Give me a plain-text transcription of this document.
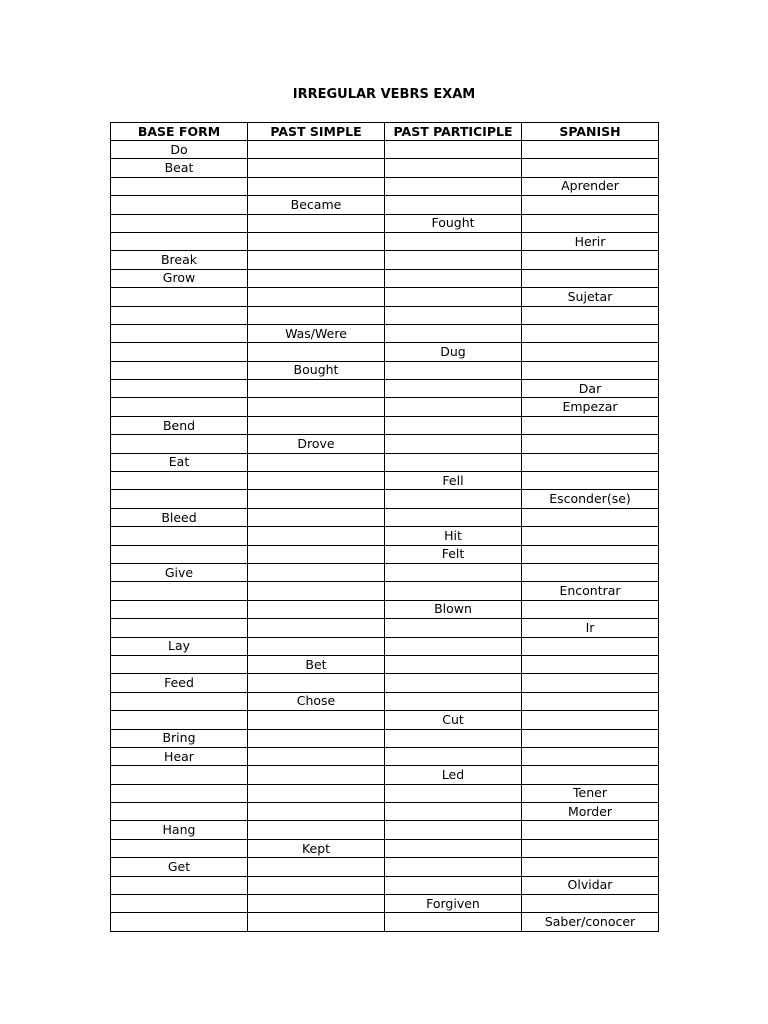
IRREGULAR VEBRS EXAM
BASE FORM	PAST SIMPLE	PAST PARTICIPLE	SPANISH
Do			
Beat			
			Aprender
	Became		
		Fought	
			Herir
Break			
Grow			
			Sujetar

	Was/Were		
		Dug	
	Bought		
			Dar
			Empezar
Bend			
	Drove		
Eat			
		Fell	
			Esconder(se)
Bleed			
		Hit	
		Felt	
Give			
			Encontrar
		Blown	
			Ir
Lay			
	Bet		
Feed			
	Chose		
		Cut	
Bring			
Hear			
		Led	
			Tener
			Morder
Hang			
	Kept		
Get			
			Olvidar
		Forgiven	
			Saber/conocer
